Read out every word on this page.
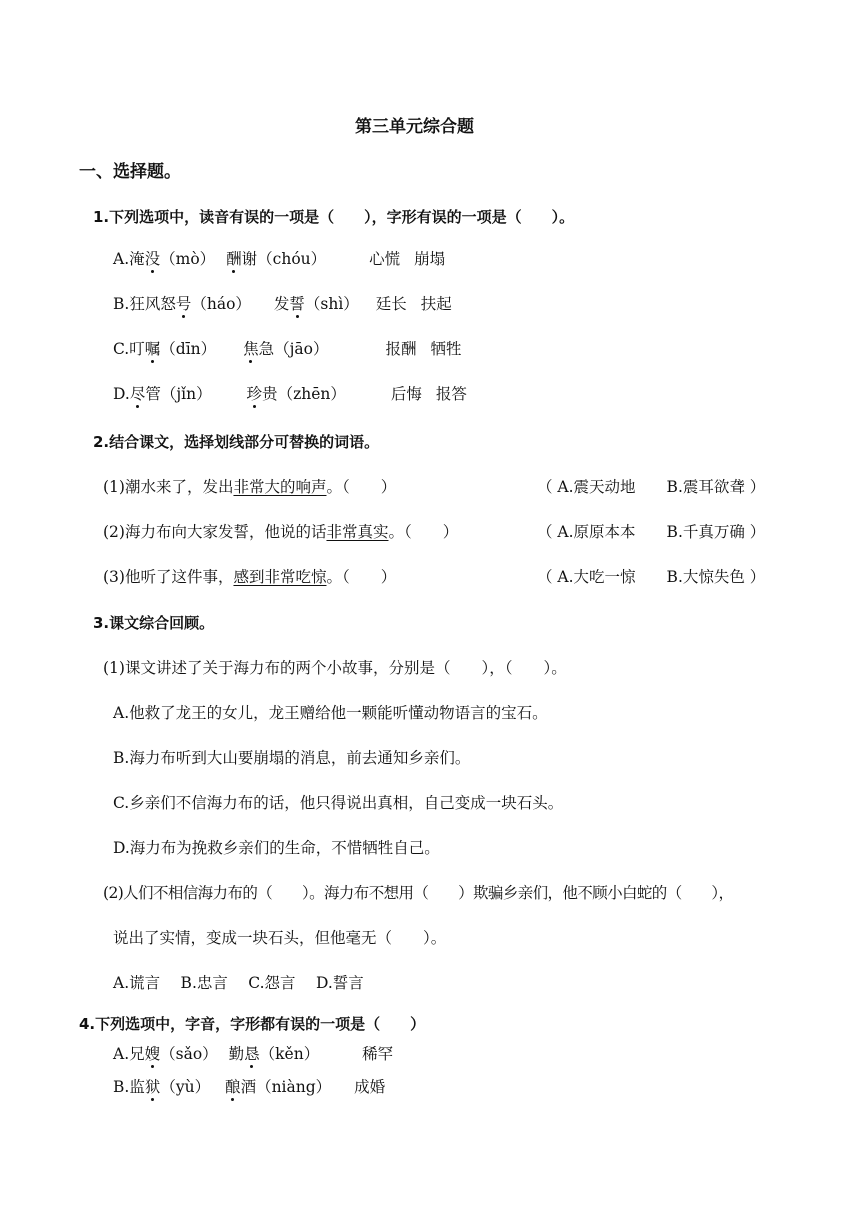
第三单元综合题
一、选择题。
1.下列选项中，读音有误的一项是（　　），字形有误的一项是（　　）。
A.淹没（mò） 酬谢（chóu）	心慌 崩塌
B.狂风怒号（háo） 发誓（shì） 廷长 扶起
C.叮嘱（dīn） 焦急（jāo）	报酬 牺牲
D.尽管（jǐn） 珍贵（zhēn）	后悔 报答
2.结合课文，选择划线部分可替换的词语。
(1)潮水来了，发出非常大的响声。（　　）	（ A.震天动地　　B.震耳欲聋 ）
(2)海力布向大家发誓，他说的话非常真实。（　　）	（ A.原原本本　　B.千真万确 ）
(3)他听了这件事，感到非常吃惊。（　　）	（ A.大吃一惊　　B.大惊失色 ）
3.课文综合回顾。
(1)课文讲述了关于海力布的两个小故事，分别是（　　），（　　）。
A.他救了龙王的女儿，龙王赠给他一颗能听懂动物语言的宝石。
B.海力布听到大山要崩塌的消息，前去通知乡亲们。
C.乡亲们不信海力布的话，他只得说出真相，自己变成一块石头。
D.海力布为挽救乡亲们的生命，不惜牺牲自己。
(2)人们不相信海力布的（　　）。海力布不想用（　　）欺骗乡亲们，他不顾小白蛇的（　　），
说出了实情，变成一块石头，但他毫无（　　）。
A.谎言　 B.忠言　 C.怨言　 D.誓言
4.下列选项中，字音，字形都有误的一项是（　　）
A.兄嫂（sǎo） 勤恳（kěn）	稀罕
B.监狱（yù） 酿酒（niàng） 成婚
